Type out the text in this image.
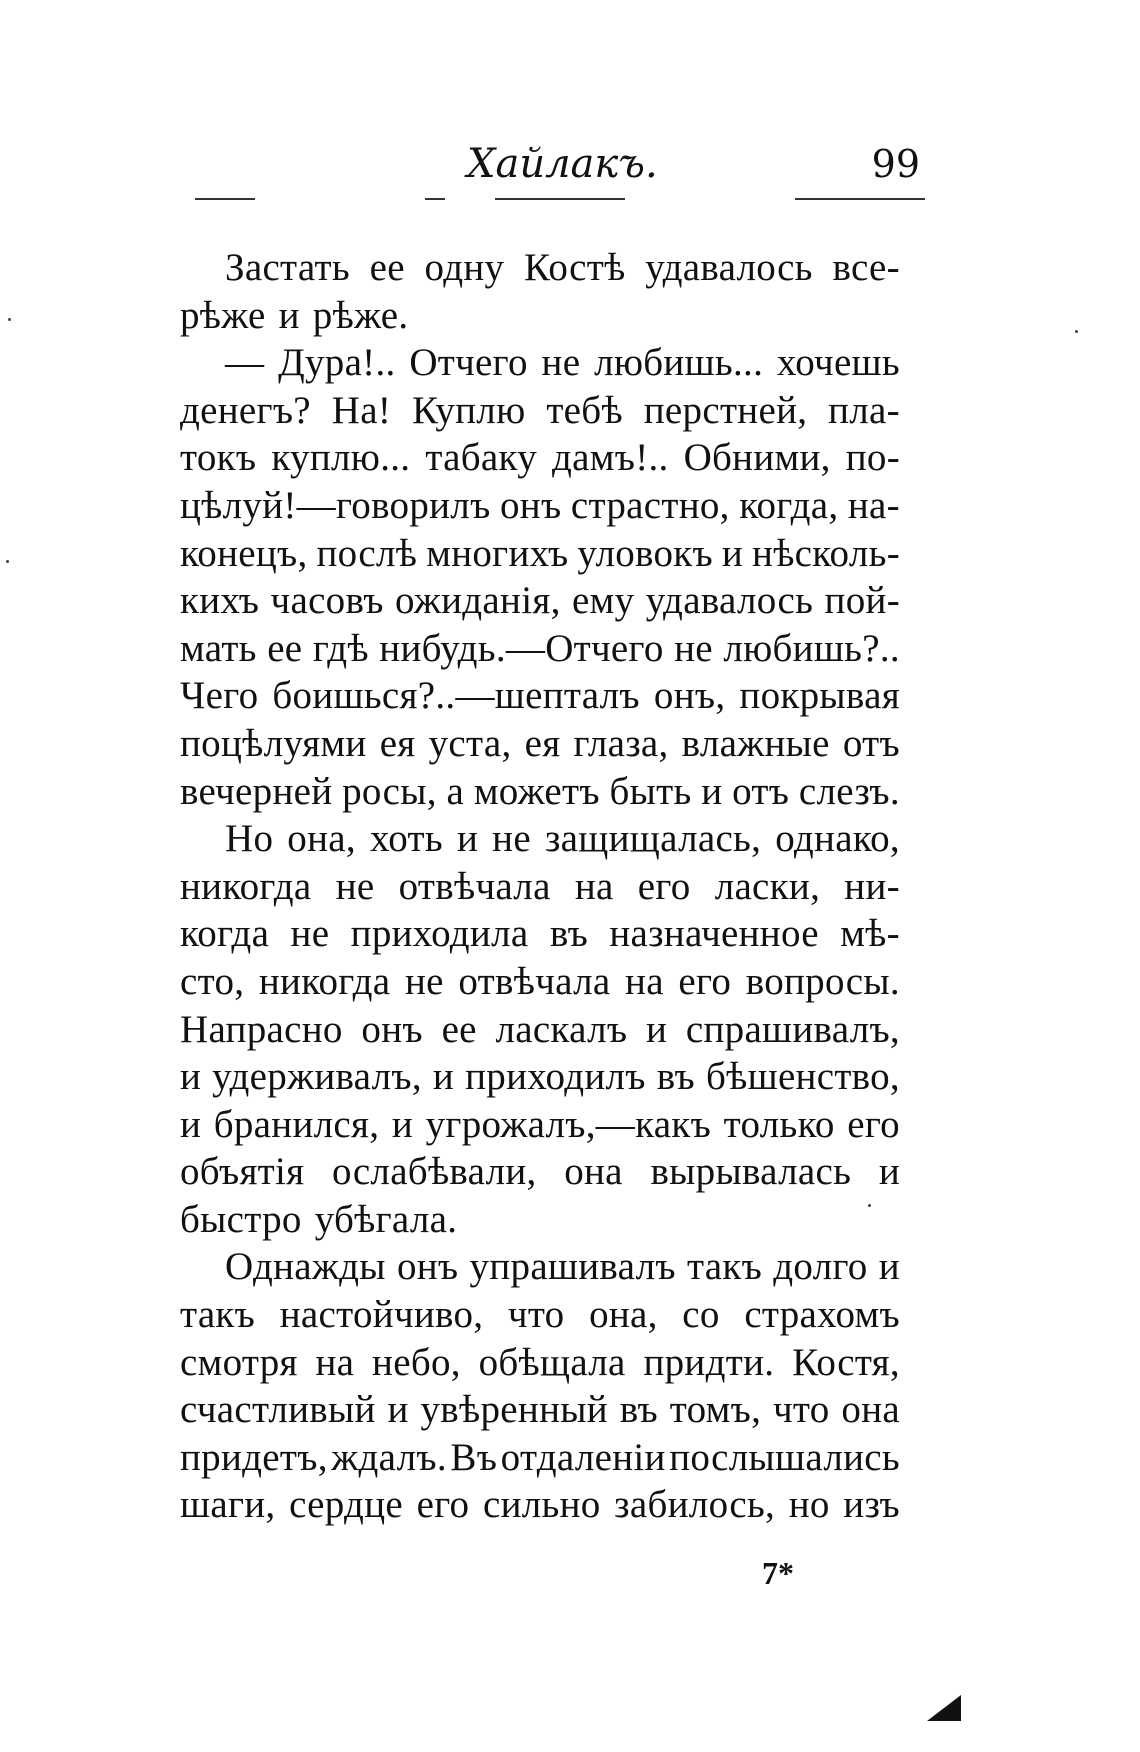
Хайлакъ.	99
Застать ее одну Костѣ удавалось все-
рѣже и рѣже.
— Дура!.. Отчего не любишь... хочешь
денегъ? На! Куплю тебѣ перстней, пла-
токъ куплю... табаку дамъ!.. Обними, по-
цѣлуй!—говорилъ онъ страстно, когда, на-
конецъ, послѣ многихъ уловокъ и нѣсколь-
кихъ часовъ ожиданія, ему удавалось пой-
мать ее гдѣ нибудь.—Отчего не любишь?..
Чего боишься?..—шепталъ онъ, покрывая
поцѣлуями ея уста, ея глаза, влажные отъ
вечерней росы, а можетъ быть и отъ слезъ.
Но она, хоть и не защищалась, однако,
никогда не отвѣчала на его ласки, ни-
когда не приходила въ назначенное мѣ-
сто, никогда не отвѣчала на его вопросы.
Напрасно онъ ее ласкалъ и спрашивалъ,
и удерживалъ, и приходилъ въ бѣшенство,
и бранился, и угрожалъ,—какъ только его
объятія ослабѣвали, она вырывалась и
быстро убѣгала.
Однажды онъ упрашивалъ такъ долго и
такъ настойчиво, что она, со страхомъ
смотря на небо, обѣщала придти. Костя,
счастливый и увѣренный въ томъ, что она
придетъ, ждалъ. Въ отдаленіи послышались
шаги, сердце его сильно забилось, но изъ
7*
